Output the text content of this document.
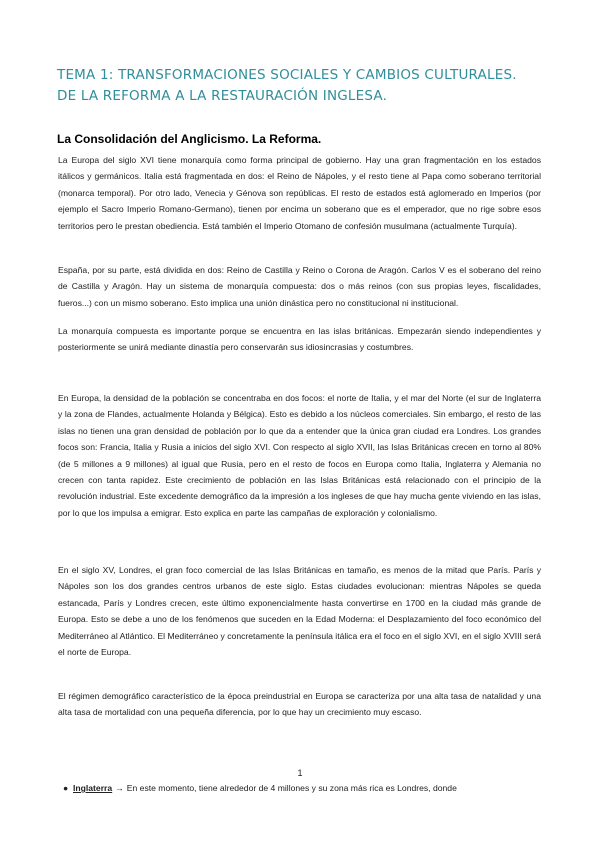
TEMA 1: TRANSFORMACIONES SOCIALES Y CAMBIOS CULTURALES. DE LA REFORMA A LA RESTAURACIÓN INGLESA.
La Consolidación del Anglicismo. La Reforma.

La Europa del siglo XVI tiene monarquía como forma principal de gobierno. Hay una gran fragmentación en los estados itálicos y germánicos. Italia está fragmentada en dos: el Reino de Nápoles, y el resto tiene al Papa como soberano territorial (monarca temporal). Por otro lado, Venecia y Génova son repúblicas. El resto de estados está aglomerado en Imperios (por ejemplo el Sacro Imperio Romano-Germano), tienen por encima un soberano que es el emperador, que no rige sobre esos territorios pero le prestan obediencia. Está también el Imperio Otomano de confesión musulmana (actualmente Turquía).

España, por su parte, está dividida en dos: Reino de Castilla y Reino o Corona de Aragón. Carlos V es el soberano del reino de Castilla y Aragón. Hay un sistema de monarquía compuesta: dos o más reinos (con sus propias leyes, fiscalidades, fueros...) con un mismo soberano. Esto implica una unión dinástica pero no constitucional ni institucional.

La monarquía compuesta es importante porque se encuentra en las islas británicas. Empezarán siendo independientes y posteriormente se unirá mediante dinastía pero conservarán sus idiosincrasias y costumbres.

En Europa, la densidad de la población se concentraba en dos focos: el norte de Italia, y el mar del Norte (el sur de Inglaterra y la zona de Flandes, actualmente Holanda y Bélgica). Esto es debido a los núcleos comerciales. Sin embargo, el resto de las islas no tienen una gran densidad de población por lo que da a entender que la única gran ciudad era Londres. Los grandes focos son: Francia, Italia y Rusia a inicios del siglo XVI. Con respecto al siglo XVII, las Islas Británicas crecen en torno al 80% (de 5 millones a 9 millones) al igual que Rusia, pero en el resto de focos en Europa como Italia, Inglaterra y Alemania no crecen con tanta rapidez. Este crecimiento de población en las Islas Británicas está relacionado con el principio de la revolución industrial. Este excedente demográfico da la impresión a los ingleses de que hay mucha gente viviendo en las islas, por lo que los impulsa a emigrar. Esto explica en parte las campañas de exploración y colonialismo.

En el siglo XV, Londres, el gran foco comercial de las Islas Británicas en tamaño, es menos de la mitad que París. París y Nápoles son los dos grandes centros urbanos de este siglo. Estas ciudades evolucionan: mientras Nápoles se queda estancada, París y Londres crecen, este último exponencialmente hasta convertirse en 1700 en la ciudad más grande de Europa. Esto se debe a uno de los fenómenos que suceden en la Edad Moderna: el Desplazamiento del foco económico del Mediterráneo al Atlántico. El Mediterráneo y concretamente la península itálica era el foco en el siglo XVI, en el siglo XVIII será el norte de Europa.

El régimen demográfico característico de la época preindustrial en Europa se caracteriza por una alta tasa de natalidad y una alta tasa de mortalidad con una pequeña diferencia, por lo que hay un crecimiento muy escaso.

1
● Inglaterra → En este momento, tiene alrededor de 4 millones y su zona más rica es Londres, donde
